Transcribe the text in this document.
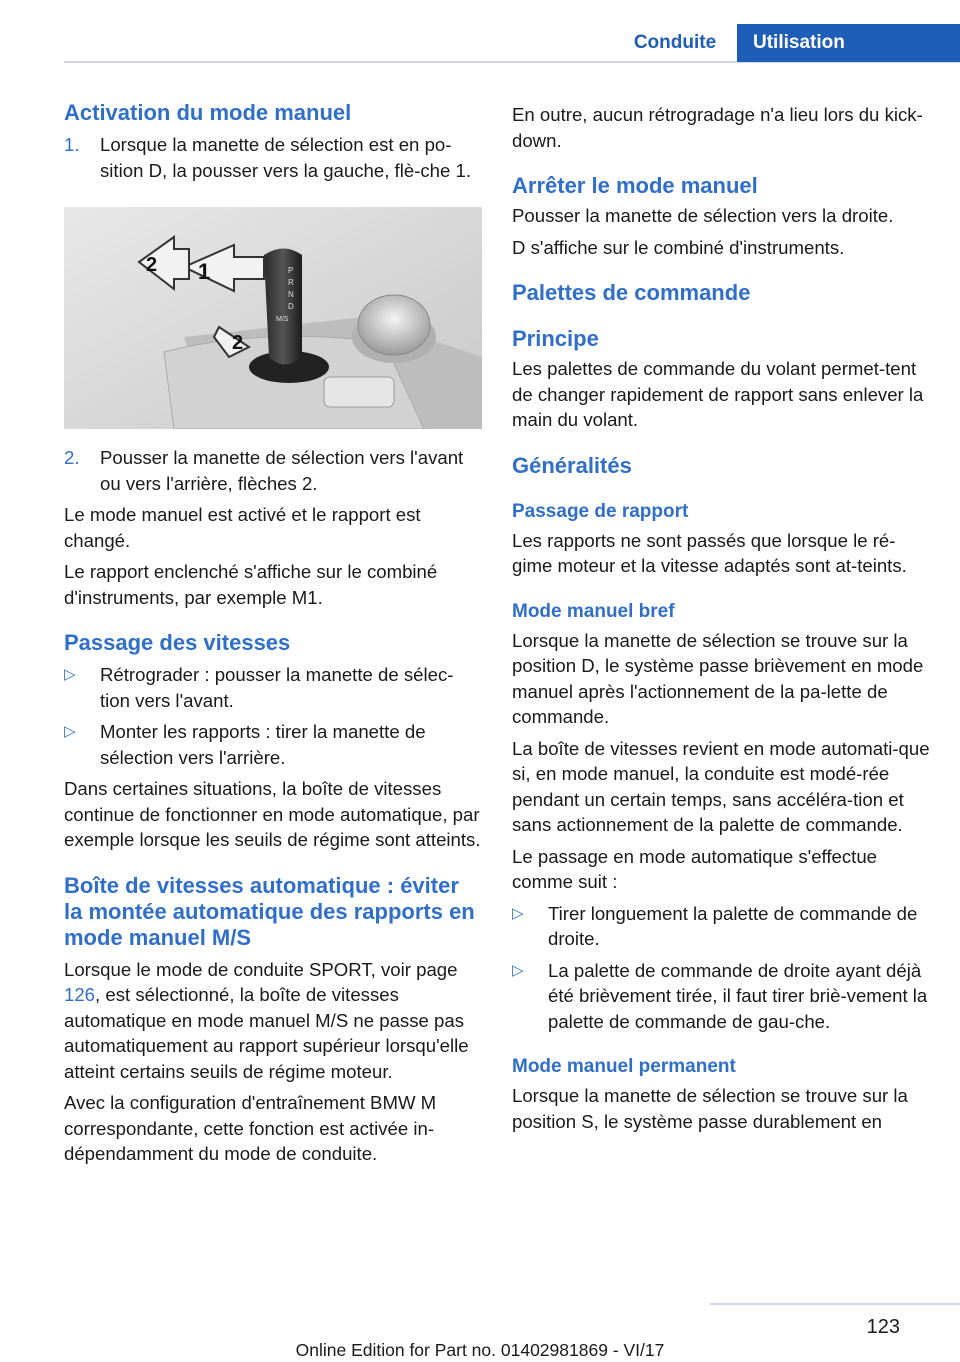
Conduite	Utilisation
Activation du mode manuel
1. Lorsque la manette de sélection est en po‐sition D, la pousser vers la gauche, flè‐che 1.
P
R
N
D
M/S
1
2
2
2. Pousser la manette de sélection vers l'avant ou vers l'arrière, flèches 2.
Le mode manuel est activé et le rapport est changé.
Le rapport enclenché s'affiche sur le combiné d'instruments, par exemple M1.
Passage des vitesses
▷ Rétrograder : pousser la manette de sélec‐tion vers l'avant.
▷ Monter les rapports : tirer la manette de sélection vers l'arrière.
Dans certaines situations, la boîte de vitesses continue de fonctionner en mode automatique, par exemple lorsque les seuils de régime sont atteints.
Boîte de vitesses automatique : éviter la montée automatique des rapports en mode manuel M/S
Lorsque le mode de conduite SPORT, voir page 126, est sélectionné, la boîte de vitesses automatique en mode manuel M/S ne passe pas automatiquement au rapport supérieur lorsqu'elle atteint certains seuils de régime moteur.
Avec la configuration d'entraînement BMW M correspondante, cette fonction est activée in‐dépendamment du mode de conduite.
En outre, aucun rétrogradage n'a lieu lors du kick-down.
Arrêter le mode manuel
Pousser la manette de sélection vers la droite.
D s'affiche sur le combiné d'instruments.
Palettes de commande
Principe
Les palettes de commande du volant permet‐tent de changer rapidement de rapport sans enlever la main du volant.
Généralités
Passage de rapport
Les rapports ne sont passés que lorsque le ré‐gime moteur et la vitesse adaptés sont at‐teints.
Mode manuel bref
Lorsque la manette de sélection se trouve sur la position D, le système passe brièvement en mode manuel après l'actionnement de la pa‐lette de commande.
La boîte de vitesses revient en mode automati‐que si, en mode manuel, la conduite est modé‐rée pendant un certain temps, sans accéléra‐tion et sans actionnement de la palette de commande.
Le passage en mode automatique s'effectue comme suit :
▷ Tirer longuement la palette de commande de droite.
▷ La palette de commande de droite ayant déjà été brièvement tirée, il faut tirer briè‐vement la palette de commande de gau‐che.
Mode manuel permanent
Lorsque la manette de sélection se trouve sur la position S, le système passe durablement en
123
Online Edition for Part no. 01402981869 - VI/17
